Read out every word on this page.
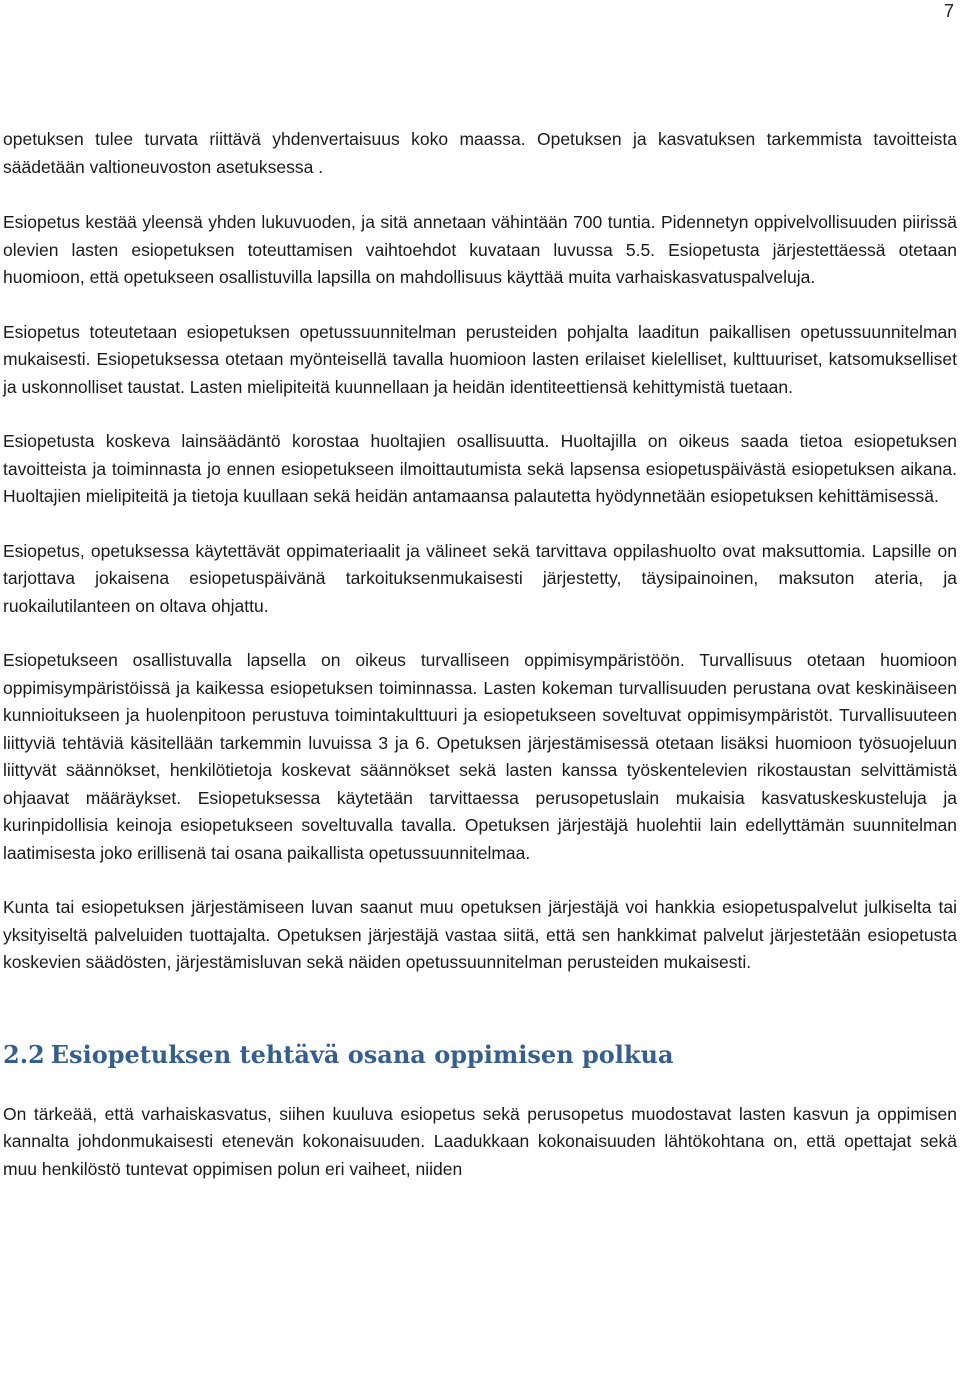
7

opetuksen tulee turvata riittävä yhdenvertaisuus koko maassa. Opetuksen ja kasvatuksen tarkemmista tavoitteista säädetään valtioneuvoston asetuksessa .

Esiopetus kestää yleensä yhden lukuvuoden, ja sitä annetaan vähintään 700 tuntia. Pidennetyn oppivelvollisuuden piirissä olevien lasten esiopetuksen toteuttamisen vaihtoehdot kuvataan luvussa 5.5. Esiopetusta järjestettäessä otetaan huomioon, että opetukseen osallistuvilla lapsilla on mahdollisuus käyttää muita varhaiskasvatuspalveluja.

Esiopetus toteutetaan esiopetuksen opetussuunnitelman perusteiden pohjalta laaditun paikallisen opetussuunnitelman mukaisesti. Esiopetuksessa otetaan myönteisellä tavalla huomioon lasten erilaiset kielelliset, kulttuuriset, katsomukselliset ja uskonnolliset taustat. Lasten mielipiteitä kuunnellaan ja heidän identiteettiensä kehittymistä tuetaan.

Esiopetusta koskeva lainsäädäntö korostaa huoltajien osallisuutta. Huoltajilla on oikeus saada tietoa esiopetuksen tavoitteista ja toiminnasta jo ennen esiopetukseen ilmoittautumista sekä lapsensa esiopetuspäivästä esiopetuksen aikana. Huoltajien mielipiteitä ja tietoja kuullaan sekä heidän antamaansa palautetta hyödynnetään esiopetuksen kehittämisessä.

Esiopetus, opetuksessa käytettävät oppimateriaalit ja välineet sekä tarvittava oppilashuolto ovat maksuttomia. Lapsille on tarjottava jokaisena esiopetuspäivänä tarkoituksenmukaisesti järjestetty, täysipainoinen, maksuton ateria, ja ruokailutilanteen on oltava ohjattu.

Esiopetukseen osallistuvalla lapsella on oikeus turvalliseen oppimisympäristöön. Turvallisuus otetaan huomioon oppimisympäristöissä ja kaikessa esiopetuksen toiminnassa. Lasten kokeman turvallisuuden perustana ovat keskinäiseen kunnioitukseen ja huolenpitoon perustuva toimintakulttuuri ja esiopetukseen soveltuvat oppimisympäristöt. Turvallisuuteen liittyviä tehtäviä käsitellään tarkemmin luvuissa 3 ja 6. Opetuksen järjestämisessä otetaan lisäksi huomioon työsuojeluun liittyvät säännökset, henkilötietoja koskevat säännökset sekä lasten kanssa työskentelevien rikostaustan selvittämistä ohjaavat määräykset. Esiopetuksessa käytetään tarvittaessa perusopetuslain mukaisia kasvatuskeskusteluja ja kurinpidollisia keinoja esiopetukseen soveltuvalla tavalla. Opetuksen järjestäjä huolehtii lain edellyttämän suunnitelman laatimisesta joko erillisenä tai osana paikallista opetussuunnitelmaa.

Kunta tai esiopetuksen järjestämiseen luvan saanut muu opetuksen järjestäjä voi hankkia esiopetuspalvelut julkiselta tai yksityiseltä palveluiden tuottajalta. Opetuksen järjestäjä vastaa siitä, että sen hankkimat palvelut järjestetään esiopetusta koskevien säädösten, järjestämisluvan sekä näiden opetussuunnitelman perusteiden mukaisesti.

2.2 Esiopetuksen tehtävä osana oppimisen polkua

On tärkeää, että varhaiskasvatus, siihen kuuluva esiopetus sekä perusopetus muodostavat lasten kasvun ja oppimisen kannalta johdonmukaisesti etenevän kokonaisuuden. Laadukkaan kokonaisuuden lähtökohtana on, että opettajat sekä muu henkilöstö tuntevat oppimisen polun eri vaiheet, niiden
